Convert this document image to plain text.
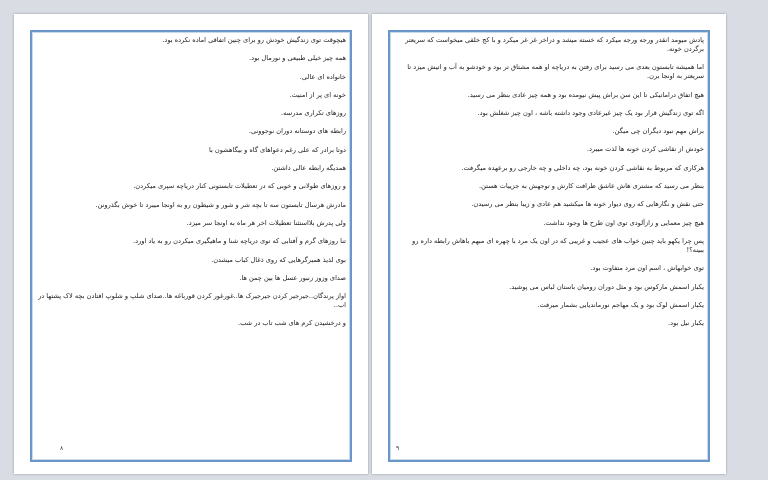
هیچوقت توی زندگیش خودش رو برای چنین اتفاقی اماده نکرده بود.

همه چیز خیلی طبیعی و نورمال بود.

خانواده ای عالی.

خونه ای پر از امنیت.

روزهای تکراری مدرسه.

رابطه های دوستانه دوران نوجوونی.

دوتا برادر که علی رغم دعواهای گاه و بیگاهشون با

همدیگه رابطه عالی داشتن.

و روزهای طولانی و خوبی که در تعطیلات تابستونی کنار دریاچه سپری میکردن.

مادرش هرسال تابستون سه تا بچه شر و شور و شیطون رو به اونجا میبرد تا خوش بگذرونن.

ولی پدرش بلااستثنا تعطیلات اخر هر ماه به اونجا سر میزد.

تنا روزهای گرم و آفتابی که توی دریاچه شنا و ماهیگیری میکردن رو به یاد اورد.

بوی لذیذ همبرگرهایی که روی ذغال کباب میشدن.

صدای وزوز زنبور عسل ها بین چمن ها.

اواز پرندگان..جیرجیر کردن جیرجیرک ها..غورغور کردن قورباغه ها..صدای شلپ و شلوپ افتادن بچه لاک پشتها در اب..

و درخشیدن کرم های شب تاب در شب.

۸

پادش میومد انقدر ورجه ورجه میکرد که خسته میشد و دراخر غر غر میکرد و با کج خلقی میخواست که سریعتر برگردن خونه.

اما همیشه تابستون بعدی می رسید برای رفتن به دریاچه او همه مشتاق تر بود و خودشو به آب و اتیش میزد تا سریعتر به اونجا برن.

هیچ اتفاق دراماتیکی تا این سن براش پیش نیومده بود و همه چیز عادی بنظر می رسید.

اگه توی زندگیش قرار بود یک چیز غیرعادی وجود داشته باشه ، اون چیز شغلش بود.

براش مهم نبود دیگران چی میگن.

خودش از نقاشی کردن خونه ها لذت میبرد.

هرکاری که مربوط به نقاشی کردن خونه بود، چه داخلی و چه خارجی رو برعهده میگرفت.

بنظر می رسید که مشتری هاش عاشق ظرافت کارش و توجهش به جزییات هستن.

حتی نقش و نگارهایی که روی دیوار خونه ها میکشید هم عادی و زیبا بنظر می رسیدن.

هیچ چیز معمایی و رازآلودی توی اون طرح ها وجود نداشت.

پس چرا یکهو باید چنین خواب های عجیب و غریبی که در اون یک مرد با چهره ای مبهم باهاش رابطه داره رو ببینه؟!

توی خوابهاش ، اسم اون مرد متفاوت بود.

یکبار اسمش مارکوس بود و مثل دوران رومیان باستان لباس می پوشید.

یکبار اسمش لوک بود و یک مهاجم نورماندیایی بشمار میرفت.

یکبار نیل بود.

۹
